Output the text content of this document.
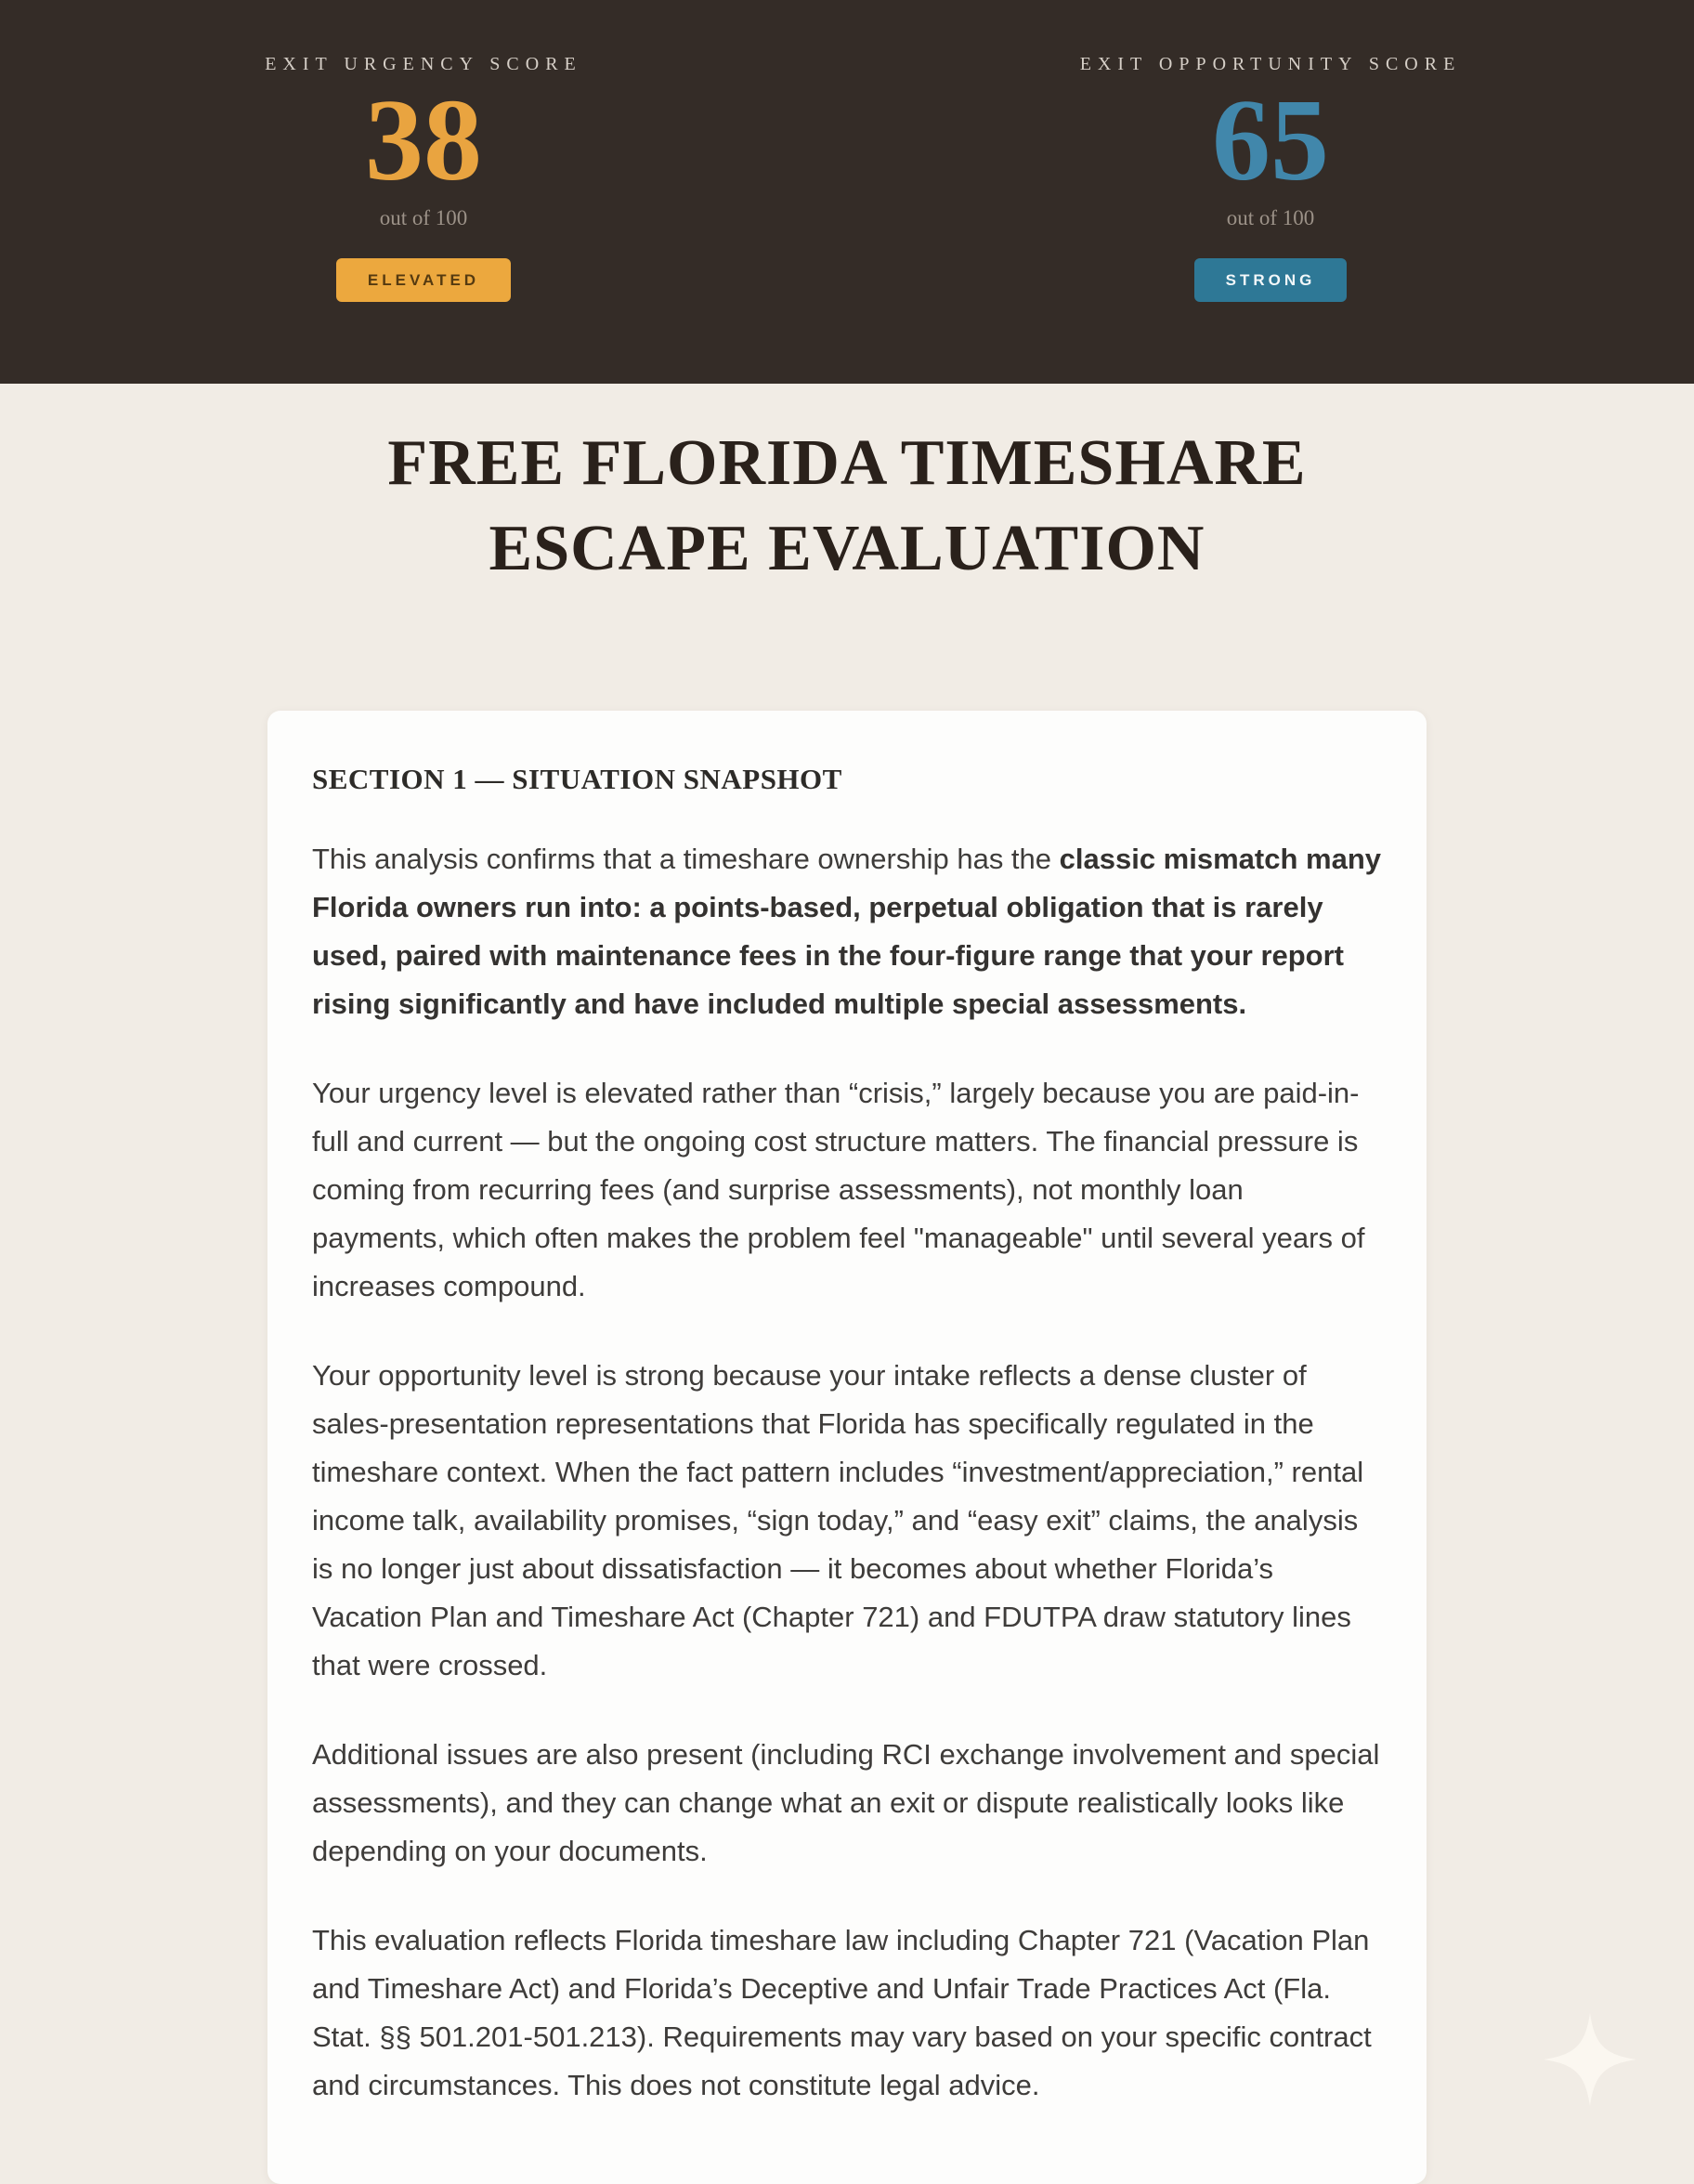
EXIT URGENCY SCORE
38
out of 100
ELEVATED
EXIT OPPORTUNITY SCORE
65
out of 100
STRONG
FREE FLORIDA TIMESHARE
ESCAPE EVALUATION
SECTION 1 — SITUATION SNAPSHOT

This analysis confirms that a timeshare ownership has the classic mismatch many Florida owners run into: a points-based, perpetual obligation that is rarely used, paired with maintenance fees in the four-figure range that your report rising significantly and have included multiple special assessments.

Your urgency level is elevated rather than “crisis,” largely because you are paid-in-full and current — but the ongoing cost structure matters. The financial pressure is coming from recurring fees (and surprise assessments), not monthly loan payments, which often makes the problem feel "manageable" until several years of increases compound.

Your opportunity level is strong because your intake reflects a dense cluster of sales-presentation representations that Florida has specifically regulated in the timeshare context. When the fact pattern includes “investment/appreciation,” rental income talk, availability promises, “sign today,” and “easy exit” claims, the analysis is no longer just about dissatisfaction — it becomes about whether Florida’s Vacation Plan and Timeshare Act (Chapter 721) and FDUTPA draw statutory lines that were crossed.

Additional issues are also present (including RCI exchange involvement and special assessments), and they can change what an exit or dispute realistically looks like depending on your documents.

This evaluation reflects Florida timeshare law including Chapter 721 (Vacation Plan and Timeshare Act) and Florida’s Deceptive and Unfair Trade Practices Act (Fla. Stat. §§ 501.201-501.213). Requirements may vary based on your specific contract and circumstances. This does not constitute legal advice.
